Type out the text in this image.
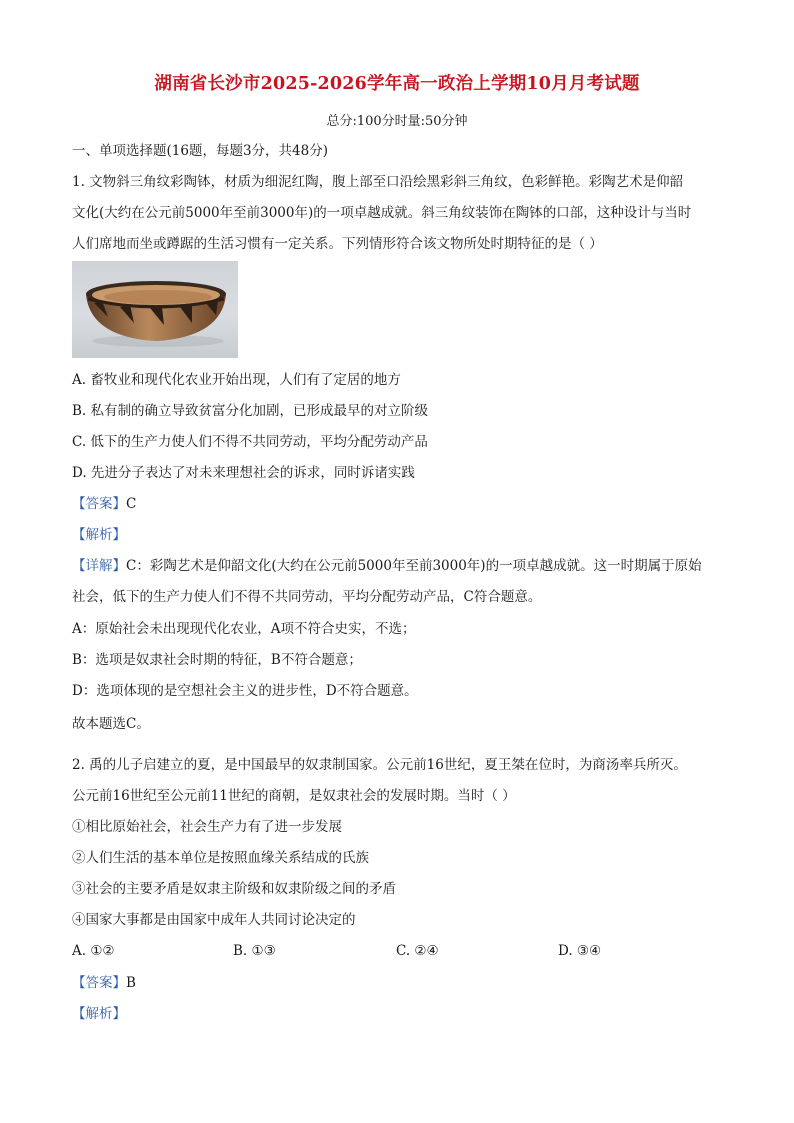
湖南省长沙市2025-2026学年高一政治上学期10月月考试题
总分:100分时量:50分钟
一、单项选择题(16题，每题3分，共48分)
1. 文物斜三角纹彩陶钵，材质为细泥红陶，腹上部至口沿绘黑彩斜三角纹，色彩鲜艳。彩陶艺术是仰韶
文化(大约在公元前5000年至前3000年)的一项卓越成就。斜三角纹装饰在陶钵的口部，这种设计与当时
人们席地而坐或蹲踞的生活习惯有一定关系。下列情形符合该文物所处时期特征的是（ ）
A. 畜牧业和现代化农业开始出现，人们有了定居的地方
B. 私有制的确立导致贫富分化加剧，已形成最早的对立阶级
C. 低下的生产力使人们不得不共同劳动，平均分配劳动产品
D. 先进分子表达了对未来理想社会的诉求，同时诉诸实践
【答案】C
【解析】
【详解】C：彩陶艺术是仰韶文化(大约在公元前5000年至前3000年)的一项卓越成就。这一时期属于原始
社会，低下的生产力使人们不得不共同劳动，平均分配劳动产品，C符合题意。
A：原始社会未出现现代化农业，A项不符合史实，不选；
B：选项是奴隶社会时期的特征，B不符合题意；
D：选项体现的是空想社会主义的进步性，D不符合题意。
故本题选C。
2. 禹的儿子启建立的夏，是中国最早的奴隶制国家。公元前16世纪，夏王桀在位时，为商汤率兵所灭。
公元前16世纪至公元前11世纪的商朝，是奴隶社会的发展时期。当时（ ）
①相比原始社会，社会生产力有了进一步发展
②人们生活的基本单位是按照血缘关系结成的氏族
③社会的主要矛盾是奴隶主阶级和奴隶阶级之间的矛盾
④国家大事都是由国家中成年人共同讨论决定的
A. ①②	B. ①③	C. ②④	D. ③④
【答案】B
【解析】
